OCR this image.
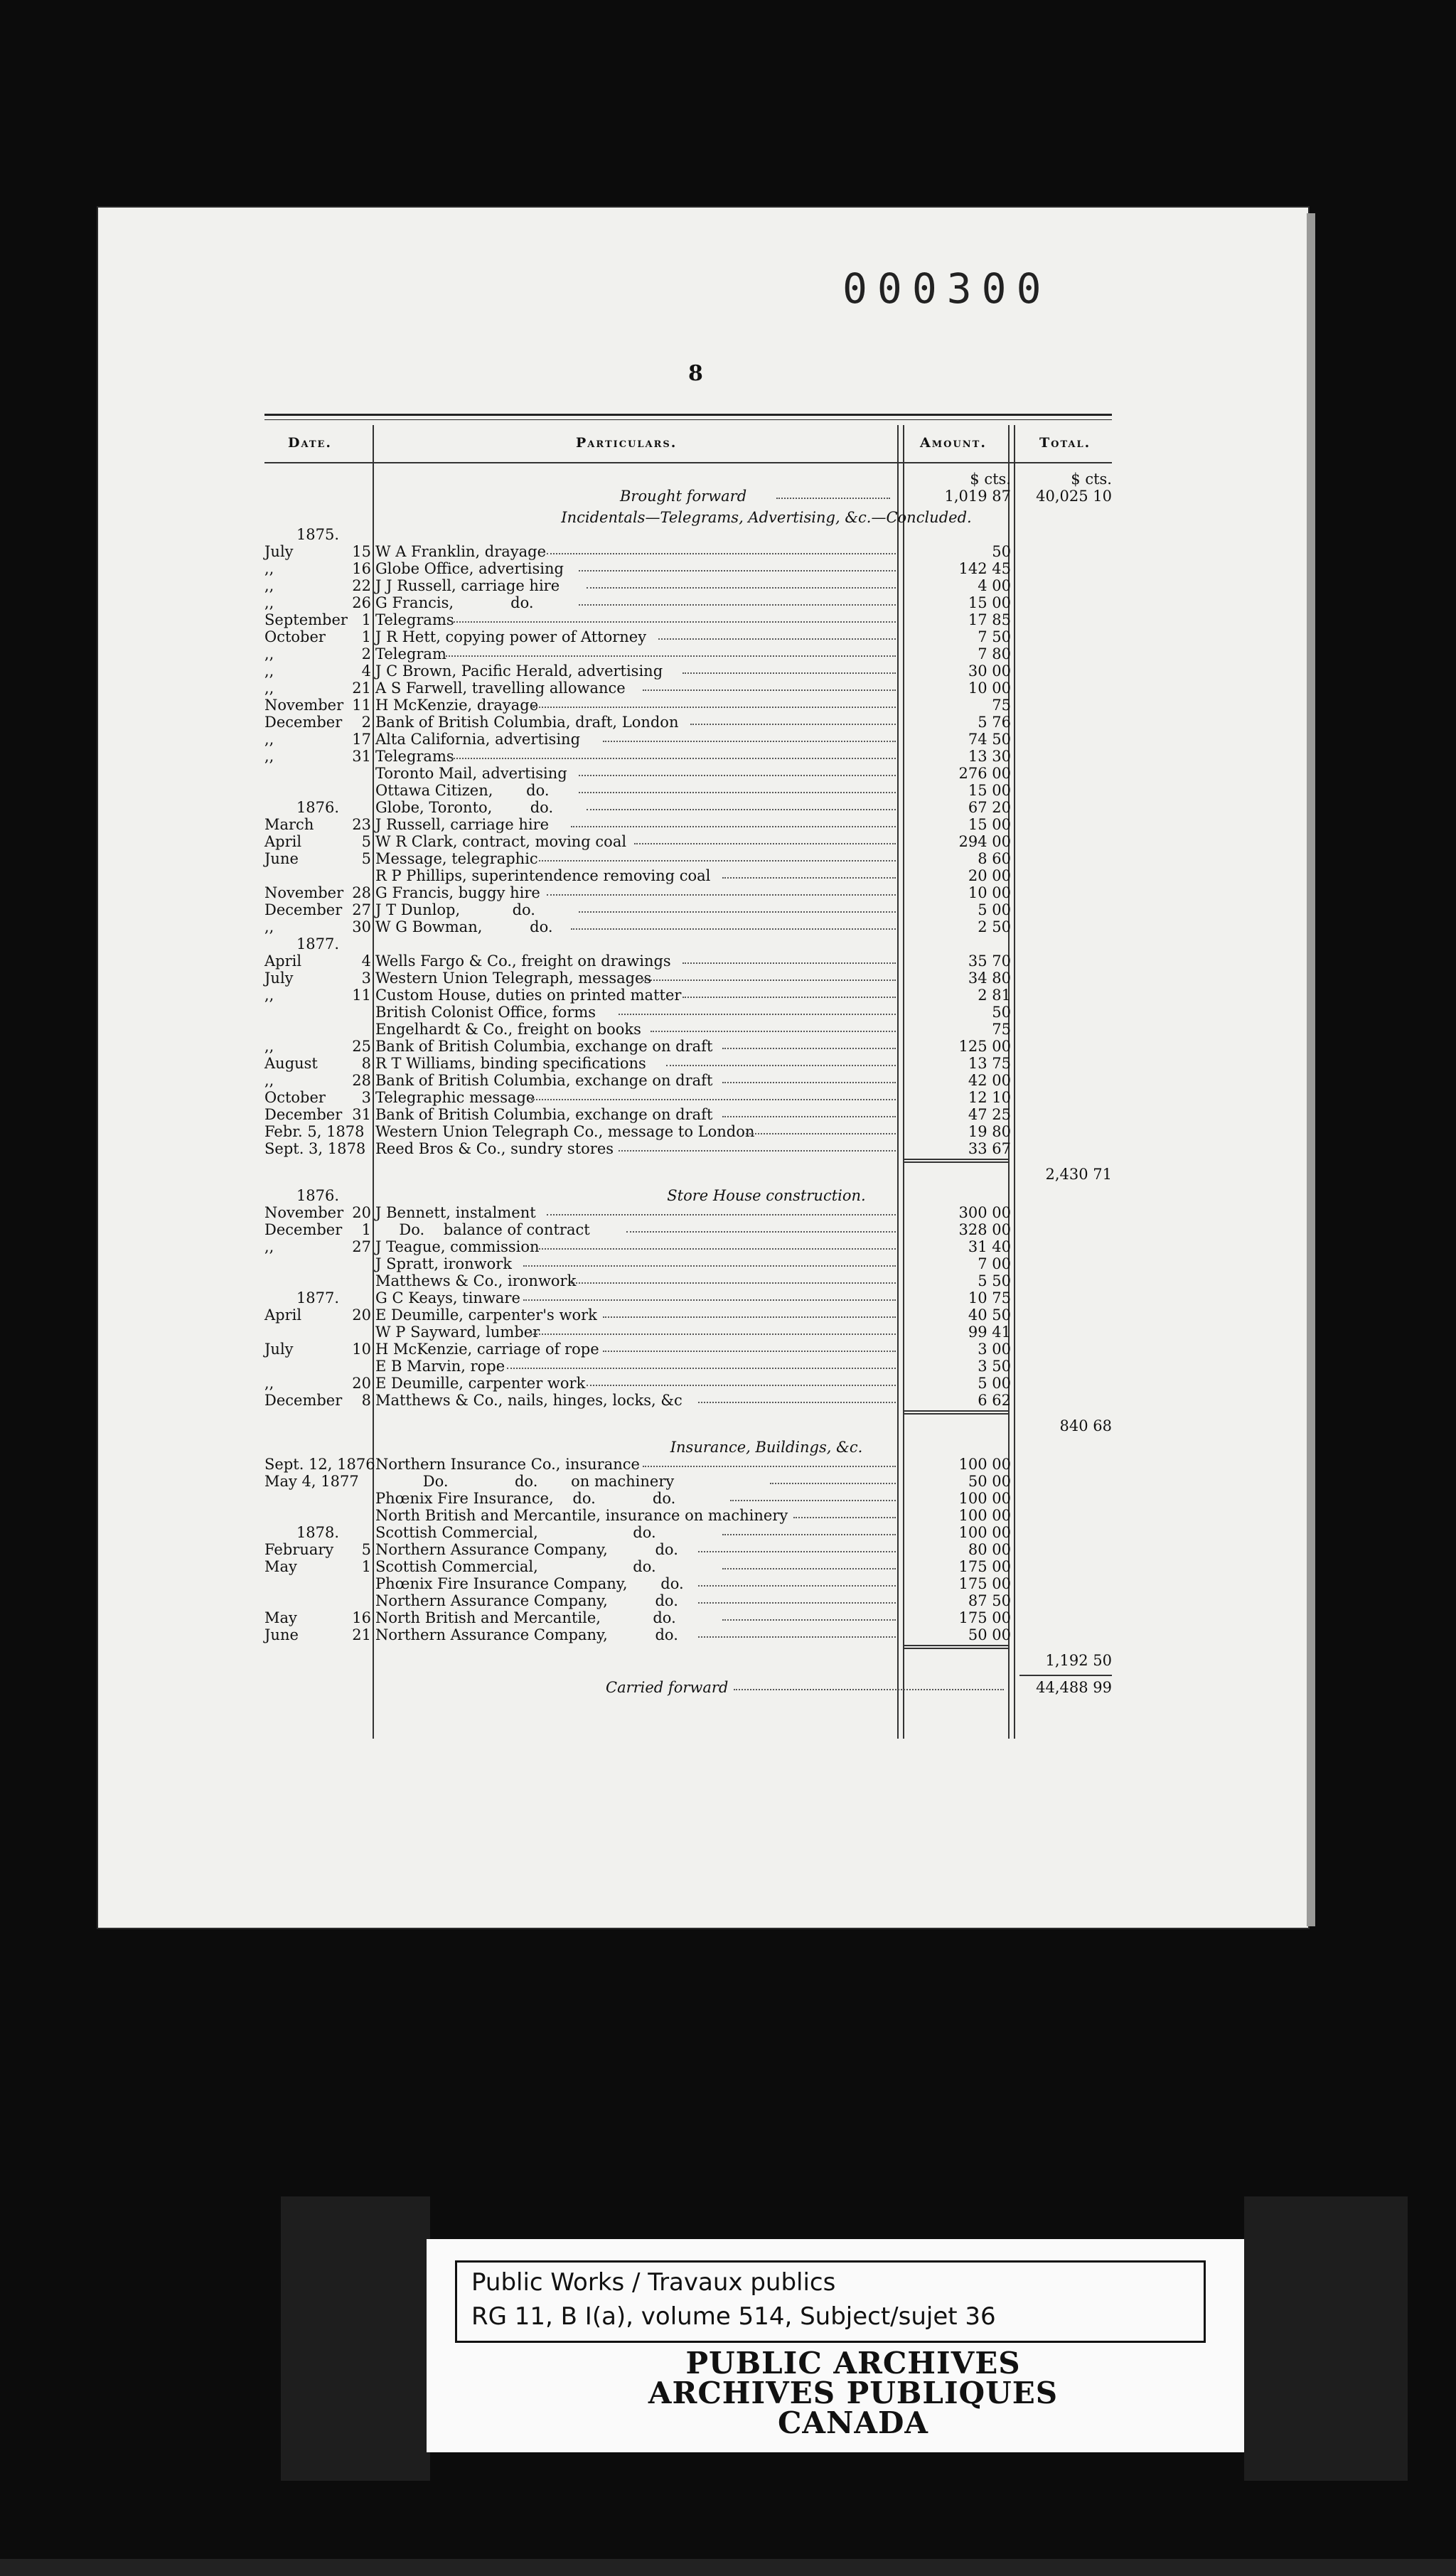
000300
8
Date.	Particulars.	Amount.	Total.
$ cts.	$ cts.
Brought forward	1,019 87	40,025 10
Incidentals—Telegrams, Advertising, &c.—Concluded.
1875.
July	15 W A Franklin, drayage	50
,,	16 Globe Office, advertising	142 45
,,	22 J J Russell, carriage hire	4 00
,,	26 G Francis,            do.	15 00
September 1 Telegrams	17 85
October	1 J R Hett, copying power of Attorney	7 50
,,	2 Telegram	7 80
,,	4 J C Brown, Pacific Herald, advertising	30 00
,,	21 A S Farwell, travelling allowance	10 00
November 11 H McKenzie, drayage	75
December	2 Bank of British Columbia, draft, London	5 76
,,	17 Alta California, advertising	74 50
,,	31 Telegrams	13 30
Toronto Mail, advertising	276 00
Ottawa Citizen,       do.	15 00
1876.	Globe, Toronto,        do.	67 20
March	23 J Russell, carriage hire	15 00
April	5 W R Clark, contract, moving coal	294 00
June	5 Message, telegraphic	8 60
R P Phillips, superintendence removing coal	20 00
November 28 G Francis, buggy hire	10 00
December 27 J T Dunlop,           do.	5 00
,,	30 W G Bowman,          do.	2 50
1877.
April	4 Wells Fargo & Co., freight on drawings	35 70
July	3 Western Union Telegraph, messages	34 80
,,	11 Custom House, duties on printed matter	2 81
British Colonist Office, forms	50
Engelhardt & Co., freight on books	75
,,	25 Bank of British Columbia, exchange on draft	125 00
August	8 R T Williams, binding specifications	13 75
,,	28 Bank of British Columbia, exchange on draft	42 00
October	3 Telegraphic message	12 10
December 31 Bank of British Columbia, exchange on draft	47 25
Febr. 5, 1878 Western Union Telegraph Co., message to London	19 80
Sept. 3, 1878 Reed Bros & Co., sundry stores	33 67
2,430 71
1876.	Store House construction.
November 20 J Bennett, instalment	300 00
December	1 Do.    balance of contract	328 00
,,	27 J Teague, commission	31 40
J Spratt, ironwork	7 00
Matthews & Co., ironwork	5 50
1877.	G C Keays, tinware	10 75
April	20 E Deumille, carpenter's work	40 50
W P Sayward, lumber	99 41
July	10 H McKenzie, carriage of rope	3 00
E B Marvin, rope	3 50
,,	20 E Deumille, carpenter work	5 00
December	8 Matthews & Co., nails, hinges, locks, &c	6 62
840 68
Insurance, Buildings, &c.
Sept. 12, 1876 Northern Insurance Co., insurance	100 00
May 4, 1877 Do.              do.       on machinery	50 00
Phœnix Fire Insurance,    do.            do.	100 00
North British and Mercantile, insurance on machinery	100 00
1878.	Scottish Commercial,                    do.	100 00
February	5 Northern Assurance Company,          do.	80 00
May	1 Scottish Commercial,                    do.	175 00
Phœnix Fire Insurance Company,       do.	175 00
Northern Assurance Company,          do.	87 50
May	16 North British and Mercantile,           do.	175 00
June	21 Northern Assurance Company,          do.	50 00
1,192 50
Carried forward	44,488 99
Public Works / Travaux publics
RG 11, B I(a), volume 514, Subject/sujet 36
PUBLIC ARCHIVES
ARCHIVES PUBLIQUES
CANADA
